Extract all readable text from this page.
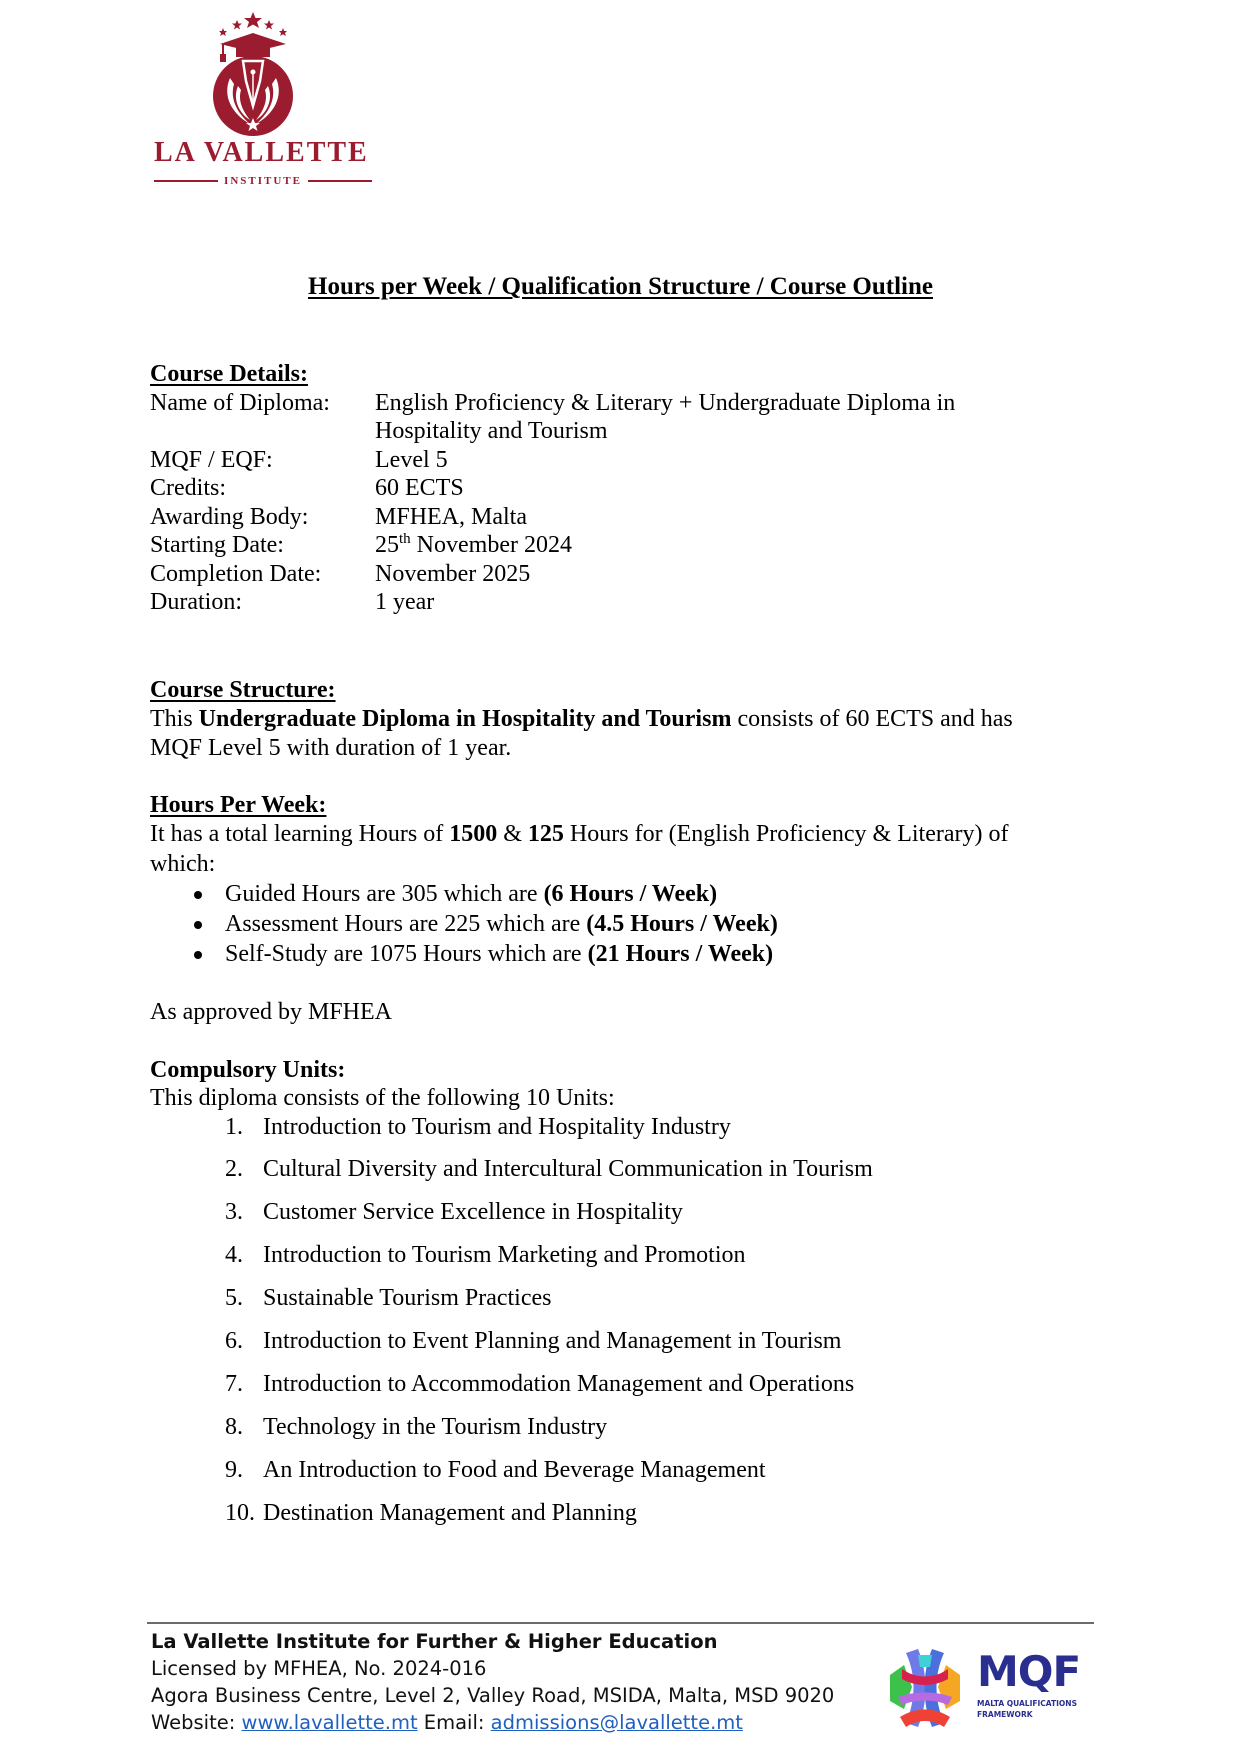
LA VALLETTE
INSTITUTE
Hours per Week / Qualification Structure / Course Outline
Course Details:
Name of Diploma: English Proficiency & Literary + Undergraduate Diploma in
Hospitality and Tourism
MQF / EQF:	Level 5
Credits:	60 ECTS
Awarding Body:	MFHEA, Malta
Starting Date:	25th November 2024
Completion Date: November 2025
Duration:	1 year
Course Structure:
This Undergraduate Diploma in Hospitality and Tourism consists of 60 ECTS and has
MQF Level 5 with duration of 1 year.
Hours Per Week:
It has a total learning Hours of 1500 & 125 Hours for (English Proficiency & Literary) of
which:
Guided Hours are 305 which are (6 Hours / Week)
Assessment Hours are 225 which are (4.5 Hours / Week)
Self-Study are 1075 Hours which are (21 Hours / Week)
As approved by MFHEA
Compulsory Units:
This diploma consists of the following 10 Units:
1. Introduction to Tourism and Hospitality Industry
2. Cultural Diversity and Intercultural Communication in Tourism
3. Customer Service Excellence in Hospitality
4. Introduction to Tourism Marketing and Promotion
5. Sustainable Tourism Practices
6. Introduction to Event Planning and Management in Tourism
7. Introduction to Accommodation Management and Operations
8. Technology in the Tourism Industry
9. An Introduction to Food and Beverage Management
10. Destination Management and Planning
La Vallette Institute for Further & Higher Education
Licensed by MFHEA, No. 2024-016
Agora Business Centre, Level 2, Valley Road, MSIDA, Malta, MSD 9020
Website: www.lavallette.mt Email: admissions@lavallette.mt
MQF
MALTA QUALIFICATIONS
FRAMEWORK
